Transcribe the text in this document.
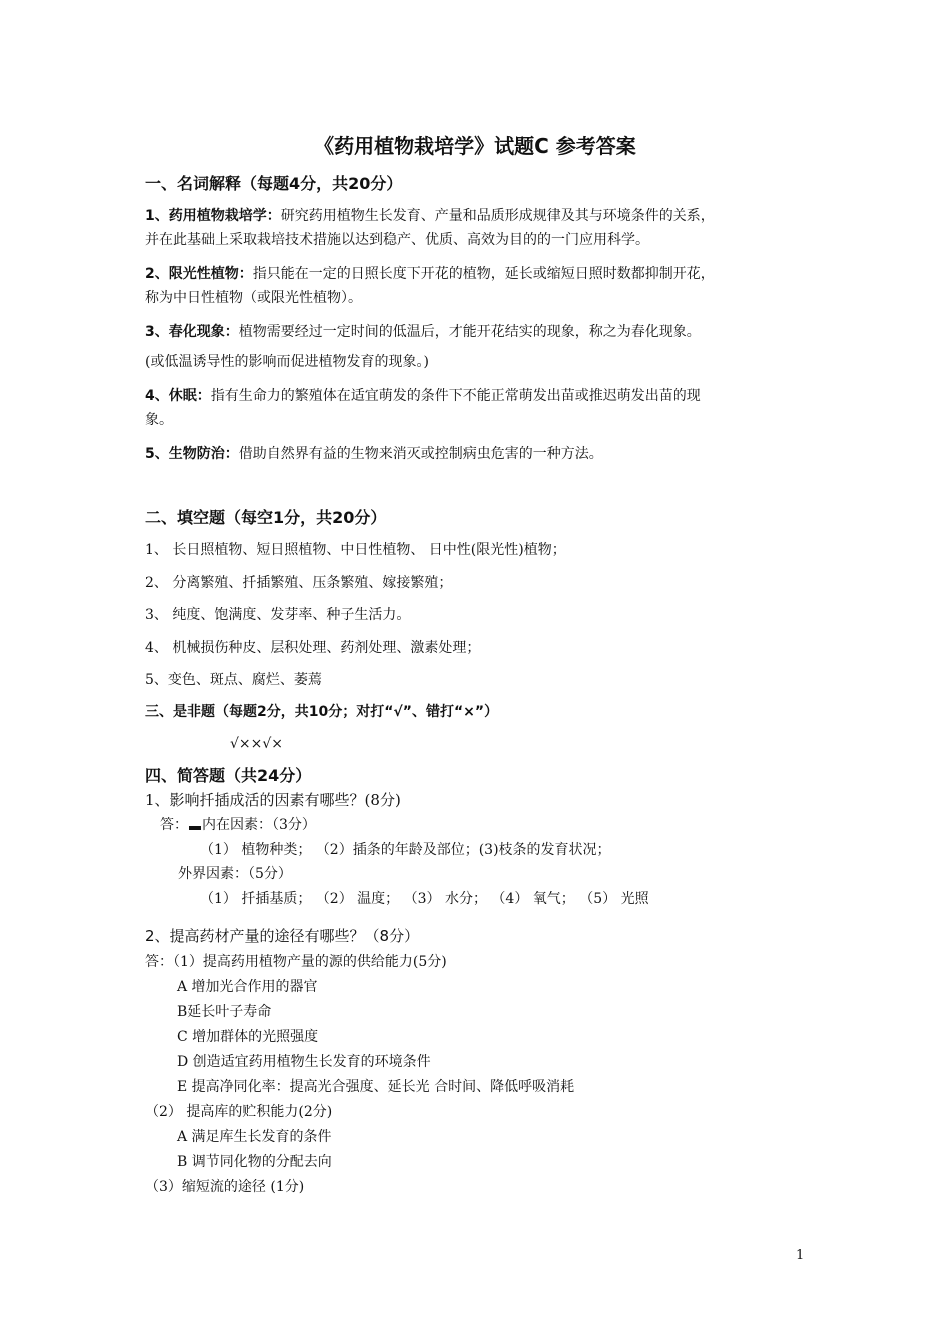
《药用植物栽培学》试题C 参考答案
一、名词解释（每题4分，共20分）
1、药用植物栽培学：研究药用植物生长发育、产量和品质形成规律及其与环境条件的关系，
并在此基础上采取栽培技术措施以达到稳产、优质、高效为目的的一门应用科学。
2、限光性植物：指只能在一定的日照长度下开花的植物，延长或缩短日照时数都抑制开花，
称为中日性植物（或限光性植物）。
3、春化现象：植物需要经过一定时间的低温后，才能开花结实的现象，称之为春化现象。
(或低温诱导性的影响而促进植物发育的现象。)
4、休眠：指有生命力的繁殖体在适宜萌发的条件下不能正常萌发出苗或推迟萌发出苗的现
象。
5、生物防治：借助自然界有益的生物来消灭或控制病虫危害的一种方法。
二、填空题（每空1分，共20分）
1、 长日照植物、短日照植物、中日性植物、 日中性(限光性)植物；
2、 分离繁殖、扦插繁殖、压条繁殖、嫁接繁殖；
3、 纯度、饱满度、发芽率、种子生活力。
4、 机械损伤种皮、层积处理、药剂处理、激素处理；
5、变色、斑点、腐烂、萎蔫
三、是非题（每题2分，共10分；对打“√”、错打“×”）
√××√×
四、简答题（共24分）
1、影响扦插成活的因素有哪些？(8分)
答： 内在因素：（3分）
（1） 植物种类； （2）插条的年龄及部位；(3)枝条的发育状况；
外界因素：（5分）
（1） 扦插基质； （2） 温度； （3） 水分； （4） 氧气； （5） 光照
2、提高药材产量的途径有哪些？（8分）
答：（1）提高药用植物产量的源的供给能力(5分)
A 增加光合作用的器官
B延长叶子寿命
C 增加群体的光照强度
D 创造适宜药用植物生长发育的环境条件
E 提高净同化率：提高光合强度、延长光 合时间、降低呼吸消耗
（2） 提高库的贮积能力(2分)
A 满足库生长发育的条件
B 调节同化物的分配去向
（3）缩短流的途径 (1分)
1
